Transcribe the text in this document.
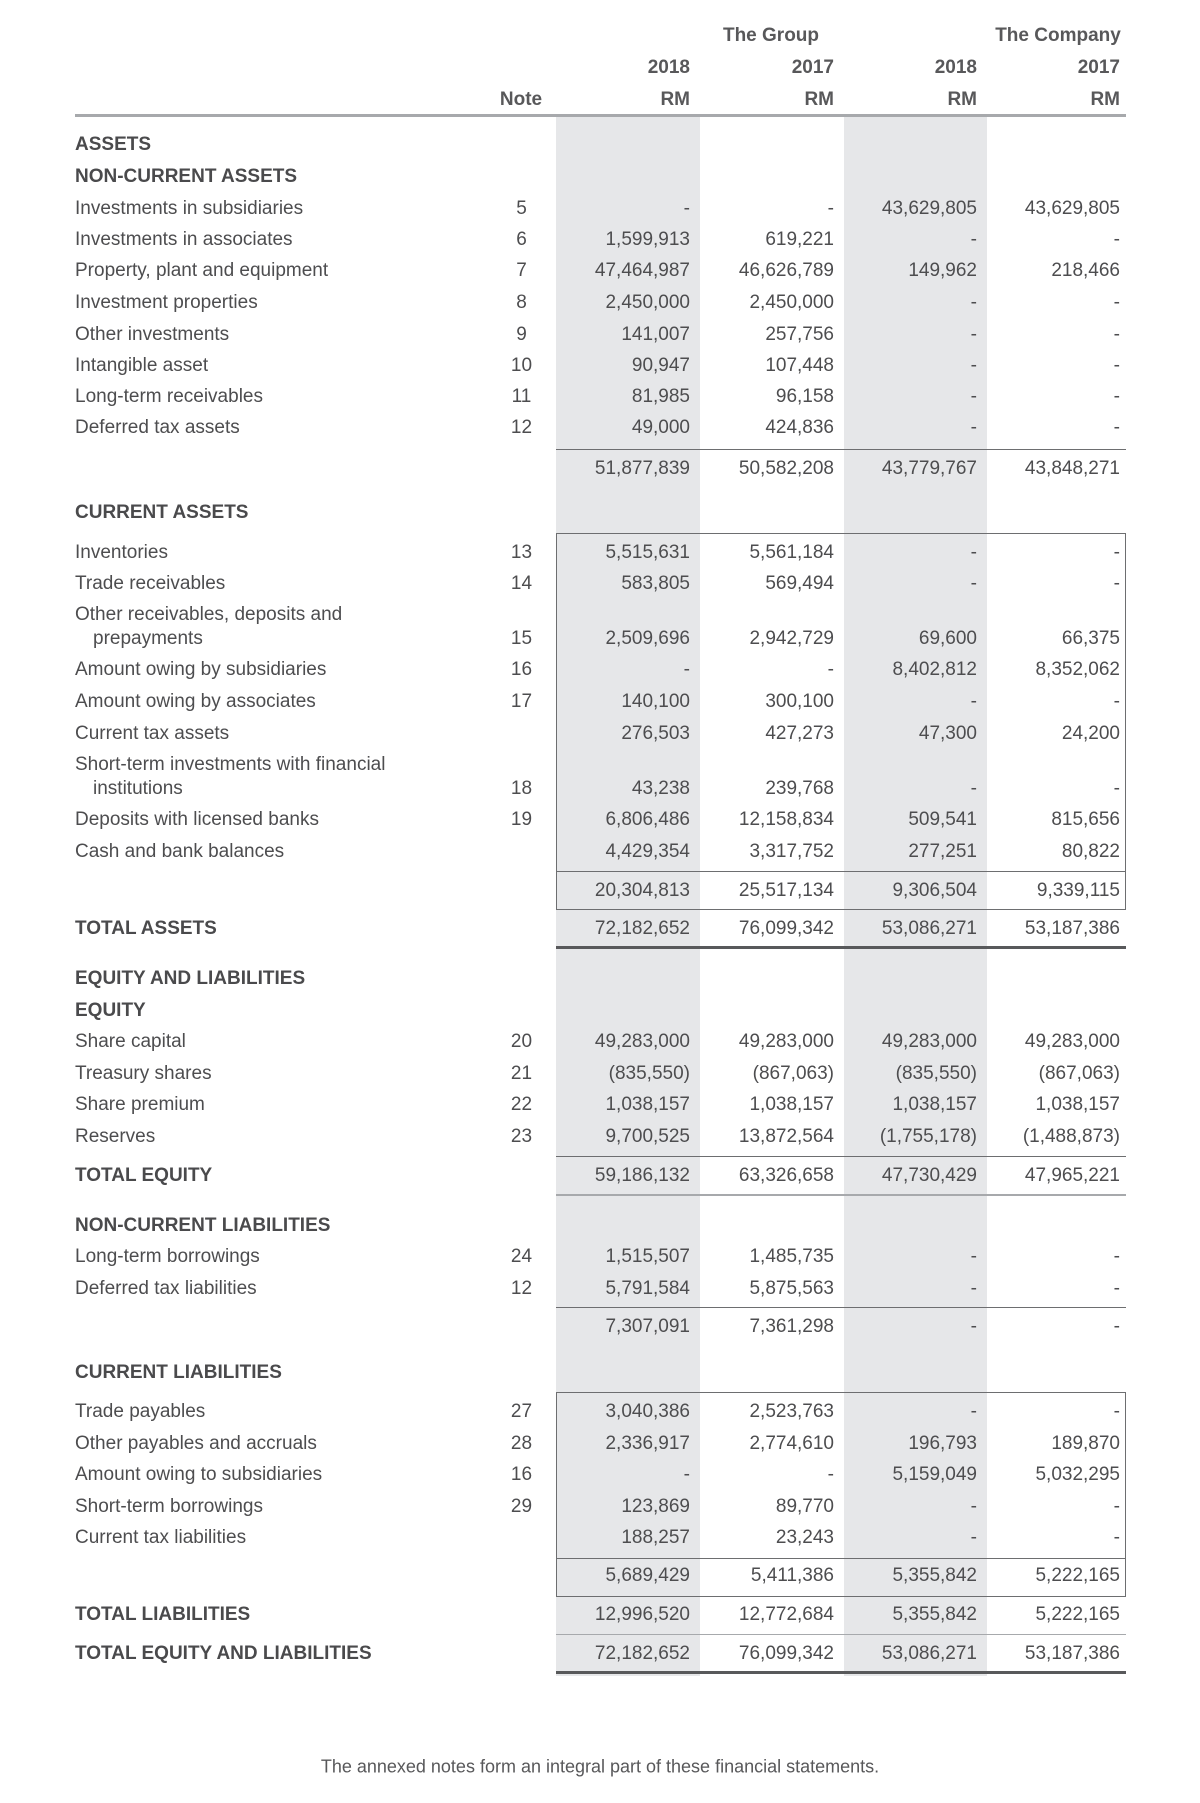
The Group	The Company
2018	2017	2018	2017
Note	RM	RM	RM	RM
ASSETS
NON-CURRENT ASSETS
Investments in subsidiaries	5	-	-	43,629,805	43,629,805
Investments in associates	6	1,599,913	619,221	-	-
Property, plant and equipment	7	47,464,987	46,626,789	149,962	218,466
Investment properties	8	2,450,000	2,450,000	-	-
Other investments	9	141,007	257,756	-	-
Intangible asset	10	90,947	107,448	-	-
Long-term receivables	11	81,985	96,158	-	-
Deferred tax assets	12	49,000	424,836	-	-
51,877,839	50,582,208	43,779,767	43,848,271
CURRENT ASSETS
Inventories	13	5,515,631	5,561,184	-	-
Trade receivables	14	583,805	569,494	-	-
Other receivables, deposits and
prepayments	15	2,509,696	2,942,729	69,600	66,375
Amount owing by subsidiaries	16	-	-	8,402,812	8,352,062
Amount owing by associates	17	140,100	300,100	-	-
Current tax assets	276,503	427,273	47,300	24,200
Short-term investments with financial
institutions	18	43,238	239,768	-	-
Deposits with licensed banks	19	6,806,486	12,158,834	509,541	815,656
Cash and bank balances	4,429,354	3,317,752	277,251	80,822
20,304,813	25,517,134	9,306,504	9,339,115
TOTAL ASSETS	72,182,652	76,099,342	53,086,271	53,187,386
EQUITY AND LIABILITIES
EQUITY
Share capital	20	49,283,000	49,283,000	49,283,000	49,283,000
Treasury shares	21	(835,550)	(867,063)	(835,550)	(867,063)
Share premium	22	1,038,157	1,038,157	1,038,157	1,038,157
Reserves	23	9,700,525	13,872,564	(1,755,178)	(1,488,873)
TOTAL EQUITY	59,186,132	63,326,658	47,730,429	47,965,221
NON-CURRENT LIABILITIES
Long-term borrowings	24	1,515,507	1,485,735	-	-
Deferred tax liabilities	12	5,791,584	5,875,563	-	-
7,307,091	7,361,298	-	-
CURRENT LIABILITIES
Trade payables	27	3,040,386	2,523,763	-	-
Other payables and accruals	28	2,336,917	2,774,610	196,793	189,870
Amount owing to subsidiaries	16	-	-	5,159,049	5,032,295
Short-term borrowings	29	123,869	89,770	-	-
Current tax liabilities	188,257	23,243	-	-
5,689,429	5,411,386	5,355,842	5,222,165
TOTAL LIABILITIES	12,996,520	12,772,684	5,355,842	5,222,165
TOTAL EQUITY AND LIABILITIES	72,182,652	76,099,342	53,086,271	53,187,386
The annexed notes form an integral part of these financial statements.
